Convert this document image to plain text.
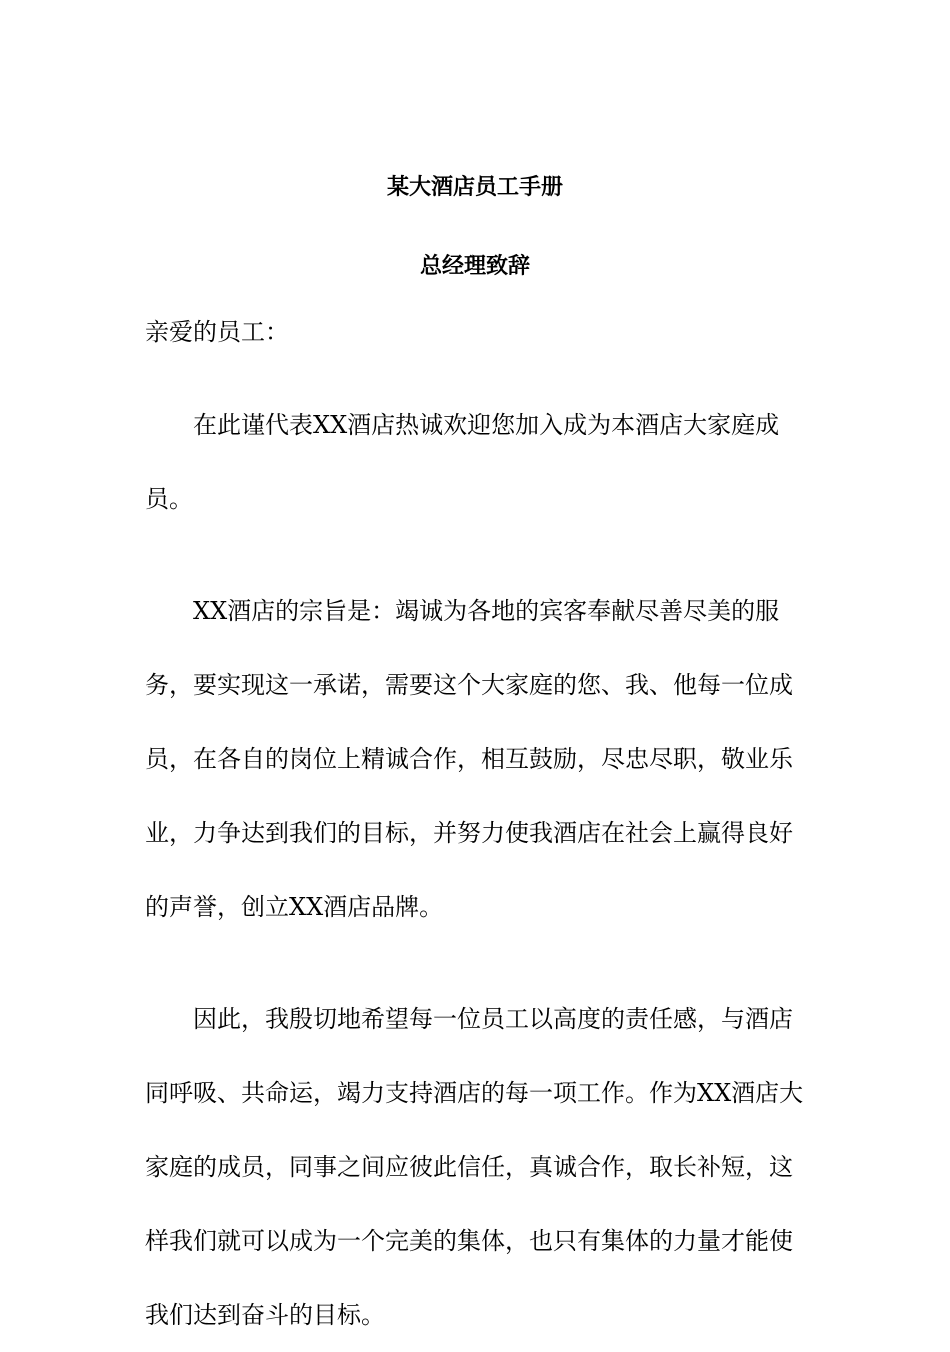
某大酒店员工手册
总经理致辞

亲爱的员工：

在此谨代表XX酒店热诚欢迎您加入成为本酒店大家庭成员。

XX酒店的宗旨是：竭诚为各地的宾客奉献尽善尽美的服务，要实现这一承诺，需要这个大家庭的您、我、他每一位成员，在各自的岗位上精诚合作，相互鼓励，尽忠尽职，敬业乐业，力争达到我们的目标，并努力使我酒店在社会上赢得良好的声誉，创立XX酒店品牌。

因此，我殷切地希望每一位员工以高度的责任感，与酒店同呼吸、共命运，竭力支持酒店的每一项工作。作为XX酒店大家庭的成员，同事之间应彼此信任，真诚合作，取长补短，这样我们就可以成为一个完美的集体，也只有集体的力量才能使我们达到奋斗的目标。
